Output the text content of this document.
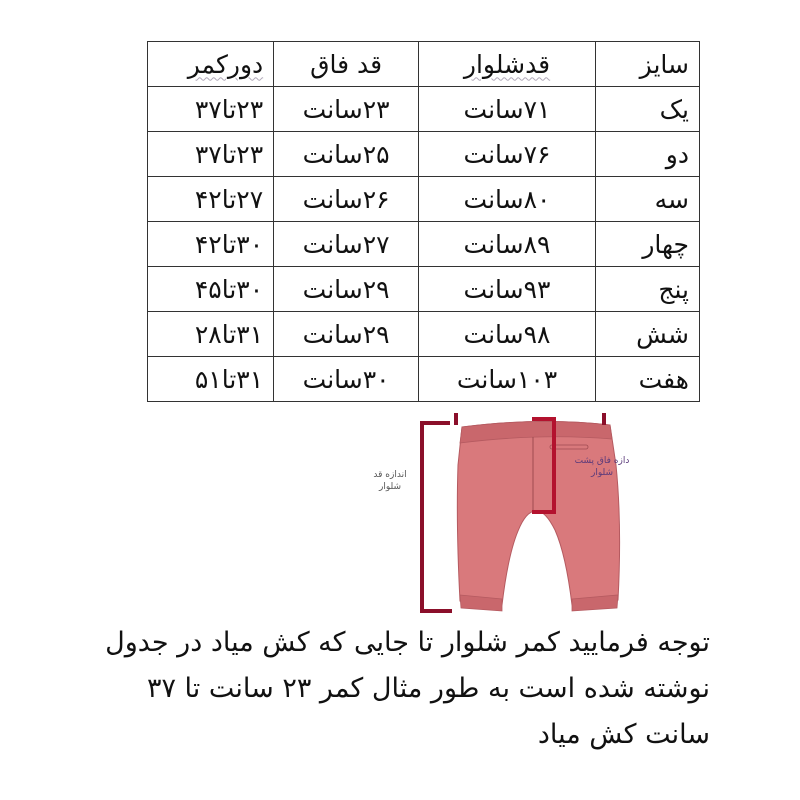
سایز	قدشلوار	قد فاق	دورکمر
یک	۷۱سانت	۲۳سانت	۲۳تا۳۷
دو	۷۶سانت	۲۵سانت	۲۳تا۳۷
سه	۸۰سانت	۲۶سانت	۲۷تا۴۲
چهار	۸۹سانت	۲۷سانت	۳۰تا۴۲
پنج	۹۳سانت	۲۹سانت	۳۰تا۴۵
شش	۹۸سانت	۲۹سانت	۳۱تا۲۸
هفت	۱۰۳سانت	۳۰سانت	۳۱تا۵۱
اندازه قد
شلوار
دازه فاق پشت
شلوار
توجه فرمایید کمر شلوار تا جایی که کش میاد در جدول نوشته شده است به طور مثال کمر ۲۳ سانت تا ۳۷ سانت کش میاد
